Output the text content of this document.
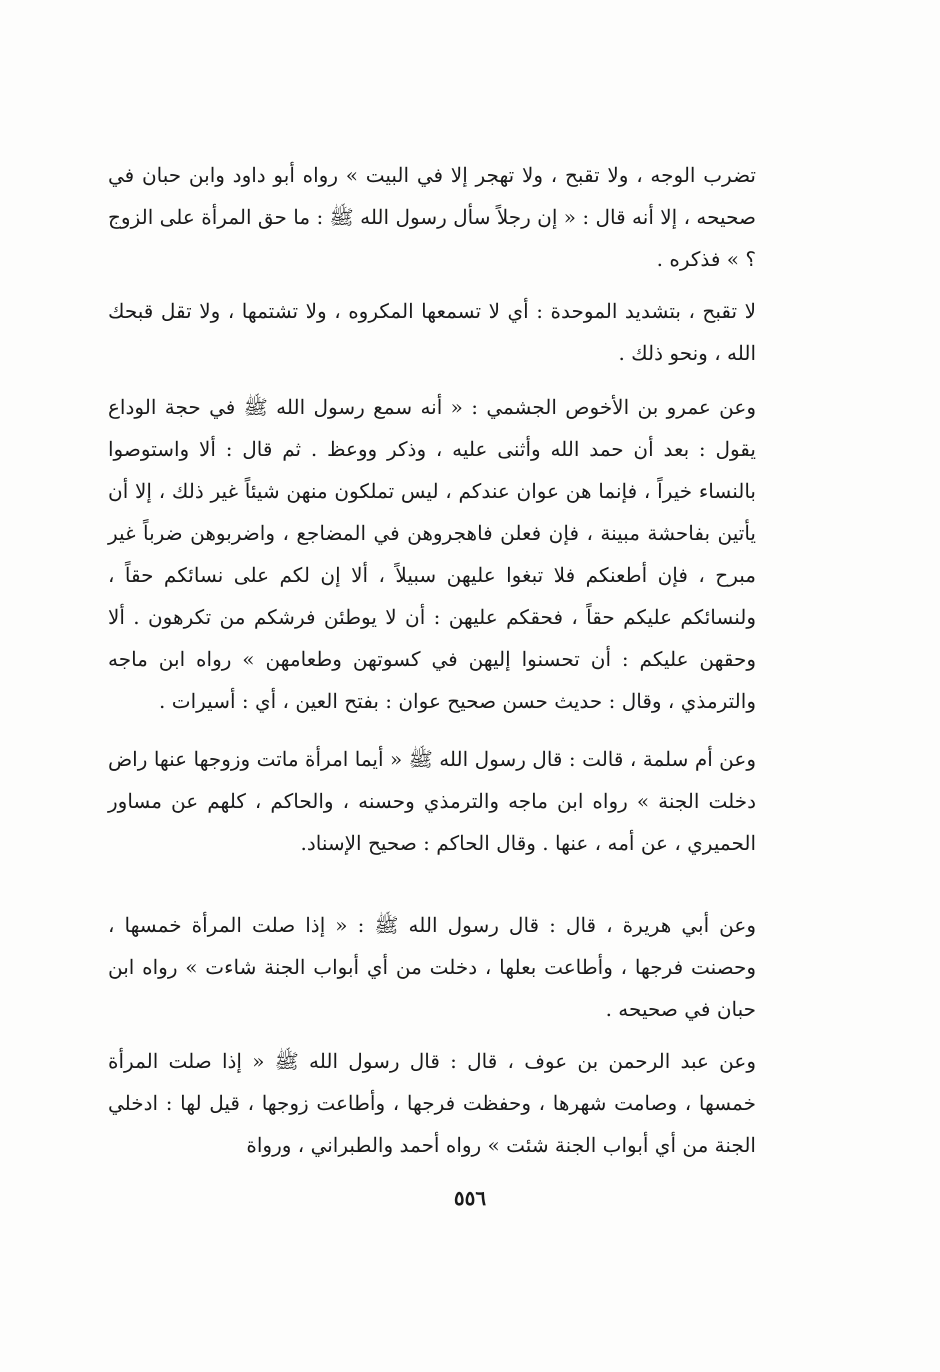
تضرب الوجه ، ولا تقبح ، ولا تهجر إلا في البيت » رواه أبو داود وابن حبان في صحيحه ، إلا أنه قال : « إن رجلاً سأل رسول الله ﷺ : ما حق المرأة على الزوج ؟ » فذكره .

لا تقبح ، بتشديد الموحدة : أي لا تسمعها المكروه ، ولا تشتمها ، ولا تقل قبحك الله ، ونحو ذلك .

وعن عمرو بن الأخوص الجشمي : « أنه سمع رسول الله ﷺ في حجة الوداع يقول : بعد أن حمد الله وأثنى عليه ، وذكر ووعظ . ثم قال : ألا واستوصوا بالنساء خيراً ، فإنما هن عوان عندكم ، ليس تملكون منهن شيئاً غير ذلك ، إلا أن يأتين بفاحشة مبينة ، فإن فعلن فاهجروهن في المضاجع ، واضربوهن ضرباً غير مبرح ، فإن أطعنكم فلا تبغوا عليهن سبيلاً ، ألا إن لكم على نسائكم حقاً ، ولنسائكم عليكم حقاً ، فحقكم عليهن : أن لا يوطئن فرشكم من تكرهون . ألا وحقهن عليكم : أن تحسنوا إليهن في كسوتهن وطعامهن » رواه ابن ماجه والترمذي ، وقال : حديث حسن صحيح عوان : بفتح العين ، أي : أسيرات .

وعن أم سلمة ، قالت : قال رسول الله ﷺ « أيما امرأة ماتت وزوجها عنها راض دخلت الجنة » رواه ابن ماجه والترمذي وحسنه ، والحاكم ، كلهم عن مساور الحميري ، عن أمه ، عنها . وقال الحاكم : صحيح الإسناد.

وعن أبي هريرة ، قال : قال رسول الله ﷺ : « إذا صلت المرأة خمسها ، وحصنت فرجها ، وأطاعت بعلها ، دخلت من أي أبواب الجنة شاءت » رواه ابن حبان في صحيحه .

وعن عبد الرحمن بن عوف ، قال : قال رسول الله ﷺ « إذا صلت المرأة خمسها ، وصامت شهرها ، وحفظت فرجها ، وأطاعت زوجها ، قيل لها : ادخلي الجنة من أي أبواب الجنة شئت » رواه أحمد والطبراني ، ورواة

٥٥٦
